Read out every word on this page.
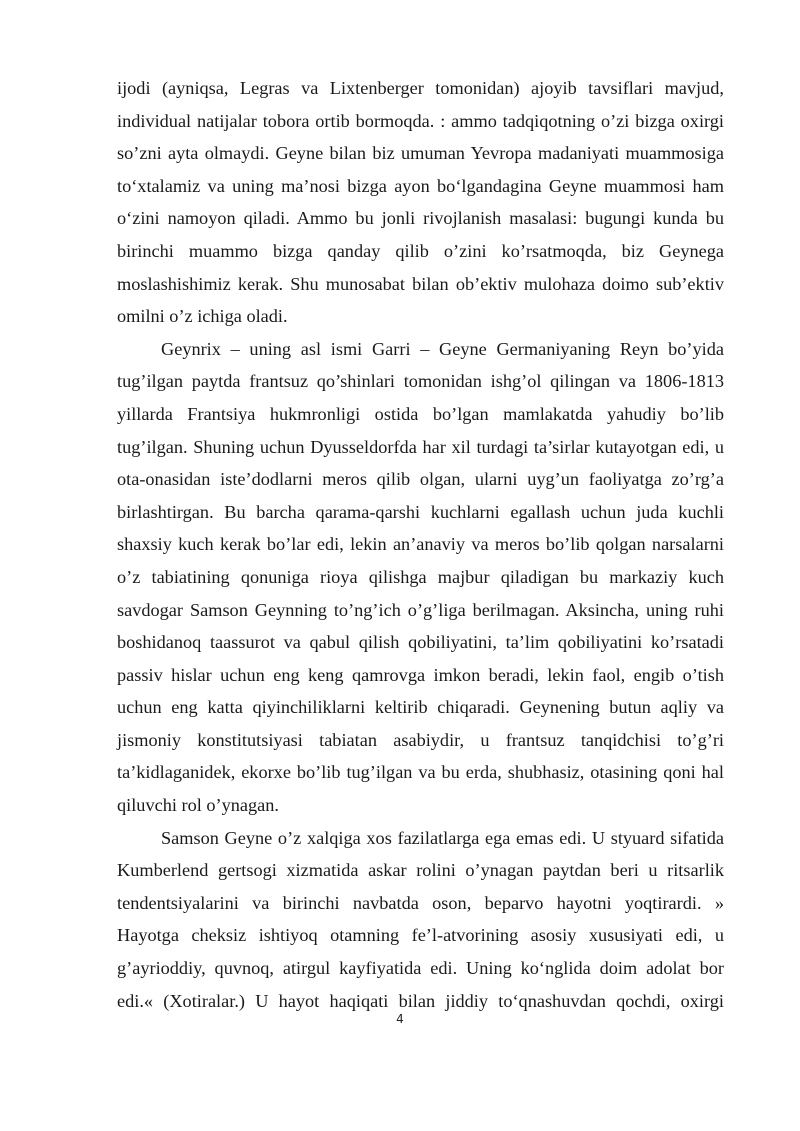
ijodi (ayniqsa, Legras va Lixtenberger tomonidan) ajoyib tavsiflari mavjud,
individual natijalar tobora ortib bormoqda. : ammo tadqiqotning o’zi bizga oxirgi
so’zni ayta olmaydi. Geyne bilan biz umuman Yevropa madaniyati muammosiga
toʻxtalamiz va uning ma’nosi bizga ayon boʻlgandagina Geyne muammosi ham
oʻzini namoyon qiladi. Ammo bu jonli rivojlanish masalasi: bugungi kunda bu
birinchi muammo bizga qanday qilib o’zini ko’rsatmoqda, biz Geynega
moslashishimiz kerak. Shu munosabat bilan ob’ektiv mulohaza doimo sub’ektiv
omilni o’z ichiga oladi.
Geynrix – uning asl ismi Garri – Geyne Germaniyaning Reyn bo’yida
tug’ilgan paytda frantsuz qo’shinlari tomonidan ishg’ol qilingan va 1806-1813
yillarda Frantsiya hukmronligi ostida bo’lgan mamlakatda yahudiy bo’lib
tug’ilgan. Shuning uchun Dyusseldorfda har xil turdagi ta’sirlar kutayotgan edi, u
ota-onasidan iste’dodlarni meros qilib olgan, ularni uyg’un faoliyatga zo’rg’a
birlashtirgan. Bu barcha qarama-qarshi kuchlarni egallash uchun juda kuchli
shaxsiy kuch kerak bo’lar edi, lekin an’anaviy va meros bo’lib qolgan narsalarni
o’z tabiatining qonuniga rioya qilishga majbur qiladigan bu markaziy kuch
savdogar Samson Geynning to’ng’ich o’g’liga berilmagan. Aksincha, uning ruhi
boshidanoq taassurot va qabul qilish qobiliyatini, ta’lim qobiliyatini ko’rsatadi
passiv hislar uchun eng keng qamrovga imkon beradi, lekin faol, engib o’tish
uchun eng katta qiyinchiliklarni keltirib chiqaradi. Geynening butun aqliy va
jismoniy konstitutsiyasi tabiatan asabiydir, u frantsuz tanqidchisi to’g’ri
ta’kidlaganidek, ekorxe bo’lib tug’ilgan va bu erda, shubhasiz, otasining qoni hal
qiluvchi rol o’ynagan.
Samson Geyne o’z xalqiga xos fazilatlarga ega emas edi. U styuard sifatida
Kumberlend gertsogi xizmatida askar rolini o’ynagan paytdan beri u ritsarlik
tendentsiyalarini va birinchi navbatda oson, beparvo hayotni yoqtirardi. »
Hayotga cheksiz ishtiyoq otamning fe’l-atvorining asosiy xususiyati edi, u
g’ayrioddiy, quvnoq, atirgul kayfiyatida edi. Uning koʻnglida doim adolat bor
edi.« (Xotiralar.) U hayot haqiqati bilan jiddiy toʻqnashuvdan qochdi, oxirgi
4
